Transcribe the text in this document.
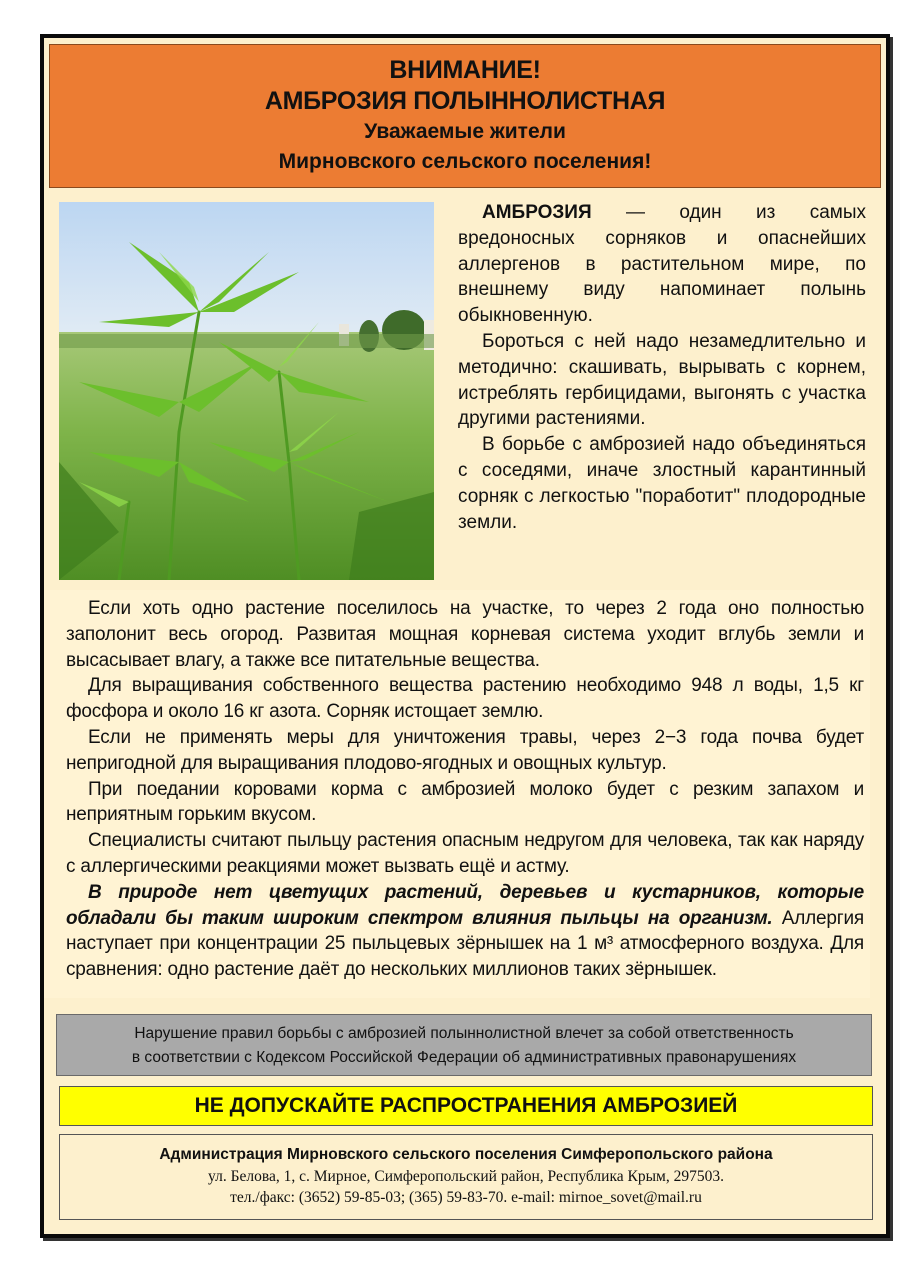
ВНИМАНИЕ!
АМБРОЗИЯ ПОЛЫННОЛИСТНАЯ
Уважаемые жители
Мирновского сельского поселения!

АМБРОЗИЯ — один из самых вредоносных сорняков и опаснейших аллергенов в растительном мире, по внешнему виду напоминает полынь обыкновенную.

Бороться с ней надо незамедлительно и методично: скашивать, вырывать с корнем, истреблять гербицидами, выгонять с участка другими растениями.

В борьбе с амброзией надо объединяться с соседями, иначе злостный карантинный сорняк с легкостью "поработит" плодородные земли.

Если хоть одно растение поселилось на участке, то через 2 года оно полностью заполонит весь огород. Развитая мощная корневая система уходит вглубь земли и высасывает влагу, а также все питательные вещества.

Для выращивания собственного вещества растению необходимо 948 л воды, 1,5 кг фосфора и около 16 кг азота. Сорняк истощает землю.

Если не применять меры для уничтожения травы, через 2−3 года почва будет непригодной для выращивания плодово-ягодных и овощных культур.

При поедании коровами корма с амброзией молоко будет с резким запахом и неприятным горьким вкусом.

Специалисты считают пыльцу растения опасным недругом для человека, так как наряду с аллергическими реакциями может вызвать ещё и астму.

В природе нет цветущих растений, деревьев и кустарников, которые обладали бы таким широким спектром влияния пыльцы на организм. Аллергия наступает при концентрации 25 пыльцевых зёрнышек на 1 м³ атмосферного воздуха. Для сравнения: одно растение даёт до нескольких миллионов таких зёрнышек.

Нарушение правил борьбы с амброзией полыннолистной влечет за собой ответственность
в соответствии с Кодексом Российской Федерации об административных правонарушениях
НЕ ДОПУСКАЙТЕ РАСПРОСТРАНЕНИЯ АМБРОЗИЕЙ
Администрация Мирновского сельского поселения Симферопольского района
ул. Белова, 1, с. Мирное, Симферопольский район, Республика Крым, 297503.
тел./факс: (3652) 59-85-03; (365) 59-83-70. e-mail: mirnoe_sovet@mail.ru
